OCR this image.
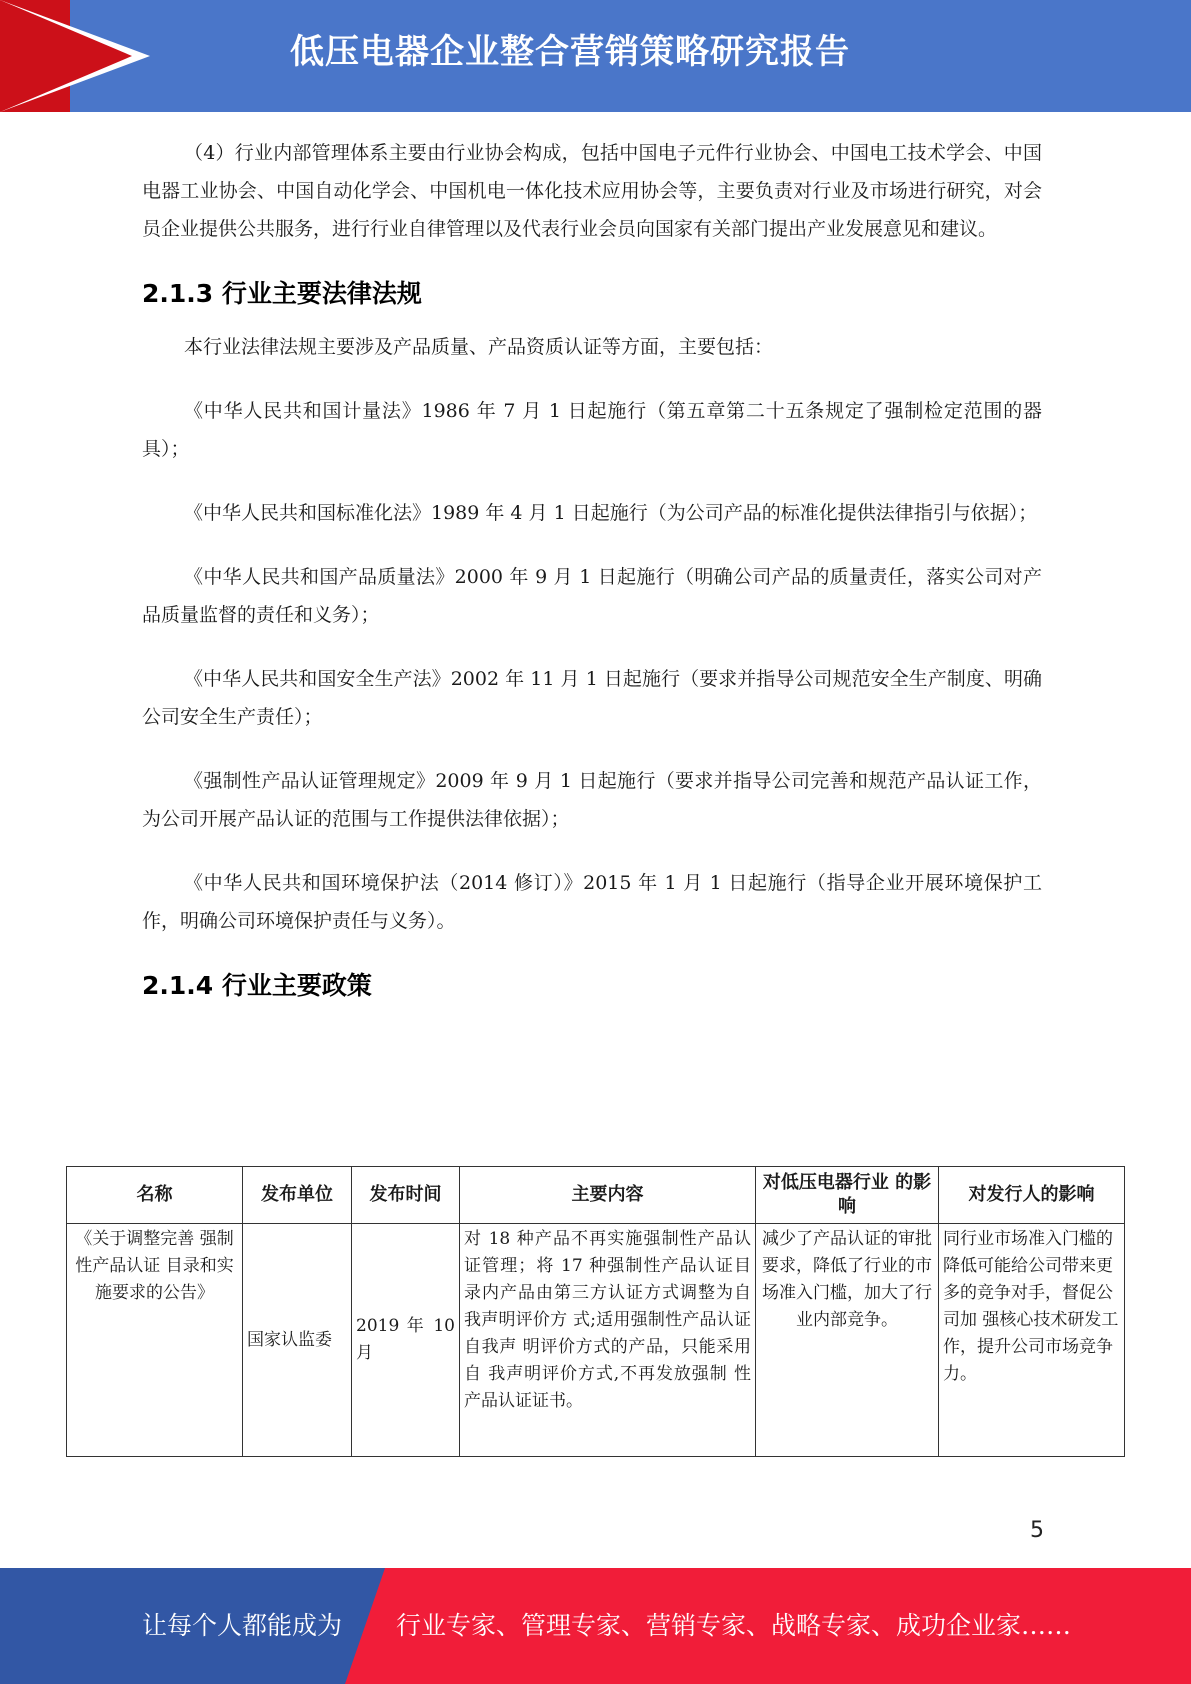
低压电器企业整合营销策略研究报告

（4）行业内部管理体系主要由行业协会构成，包括中国电子元件行业协会、中国电工技术学会、中国电器工业协会、中国自动化学会、中国机电一体化技术应用协会等，主要负责对行业及市场进行研究，对会员企业提供公共服务，进行行业自律管理以及代表行业会员向国家有关部门提出产业发展意见和建议。

2.1.3 行业主要法律法规

本行业法律法规主要涉及产品质量、产品资质认证等方面，主要包括：

《中华人民共和国计量法》1986 年 7 月 1 日起施行（第五章第二十五条规定了强制检定范围的器具）；

《中华人民共和国标准化法》1989 年 4 月 1 日起施行（为公司产品的标准化提供法律指引与依据）；

《中华人民共和国产品质量法》2000 年 9 月 1 日起施行（明确公司产品的质量责任，落实公司对产品质量监督的责任和义务）；

《中华人民共和国安全生产法》2002 年 11 月 1 日起施行（要求并指导公司规范安全生产制度、明确公司安全生产责任）；

《强制性产品认证管理规定》2009 年 9 月 1 日起施行（要求并指导公司完善和规范产品认证工作，为公司开展产品认证的范围与工作提供法律依据）；

《中华人民共和国环境保护法（2014 修订）》2015 年 1 月 1 日起施行（指导企业开展环境保护工作，明确公司环境保护责任与义务）。

2.1.4 行业主要政策
名称	发布单位	发布时间	主要内容	对低压电器行业 的影响	对发行人的影响
《关于调整完善 强制性产品认证 目录和实施要求的公告》	国家认监委	2019 年 10 月	对 18 种产品不再实施强制性产品认证管理；将 17 种强制性产品认证目录内产品由第三方认证方式调整为自我声明评价方 式;适用强制性产品认证自我声 明评价方式的产品，只能采用自 我声明评价方式,不再发放强制 性产品认证证书。	减少了产品认证的审批要求，降低了行业的市场准入门槛，加大了行业内部竞争。	同行业市场准入门槛的降低可能给公司带来更多的竞争对手，督促公司加 强核心技术研发工作，提升公司市场竞争力。
5
让每个人都能成为 行业专家、管理专家、营销专家、战略专家、成功企业家……
